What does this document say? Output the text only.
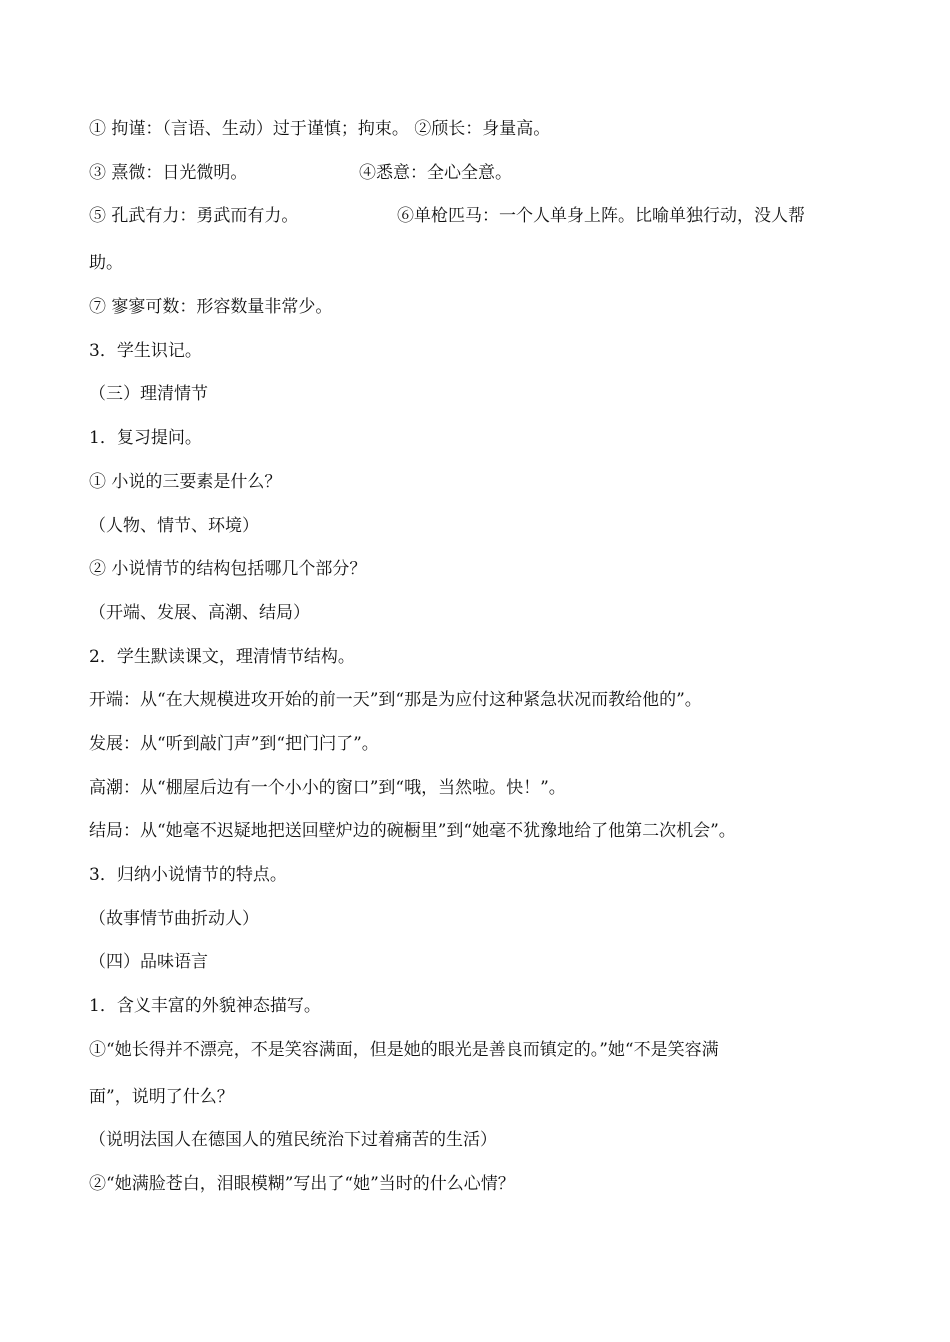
① 拘谨：（言语、生动）过于谨慎；拘束。 ②颀长：身量高。
③ 熹微：日光微明。	④悉意：全心全意。
⑤ 孔武有力：勇武而有力。	⑥单枪匹马：一个人单身上阵。比喻单独行动，没人帮
助。
⑦ 寥寥可数：形容数量非常少。
3．学生识记。
（三）理清情节
1．复习提问。
① 小说的三要素是什么？
（人物、情节、环境）
② 小说情节的结构包括哪几个部分？
（开端、发展、高潮、结局）
2．学生默读课文，理清情节结构。
开端：从“在大规模进攻开始的前一天”到“那是为应付这种紧急状况而教给他的”。
发展：从“听到敲门声”到“把门闩了”。
高潮：从“棚屋后边有一个小小的窗口”到“哦，当然啦。快！”。
结局：从“她毫不迟疑地把送回壁炉边的碗橱里”到“她毫不犹豫地给了他第二次机会”。
3．归纳小说情节的特点。
（故事情节曲折动人）
（四）品味语言
1．含义丰富的外貌神态描写。
①“她长得并不漂亮，不是笑容满面，但是她的眼光是善良而镇定的。”她“不是笑容满
面”，说明了什么？
（说明法国人在德国人的殖民统治下过着痛苦的生活）
②“她满脸苍白，泪眼模糊”写出了“她”当时的什么心情？
